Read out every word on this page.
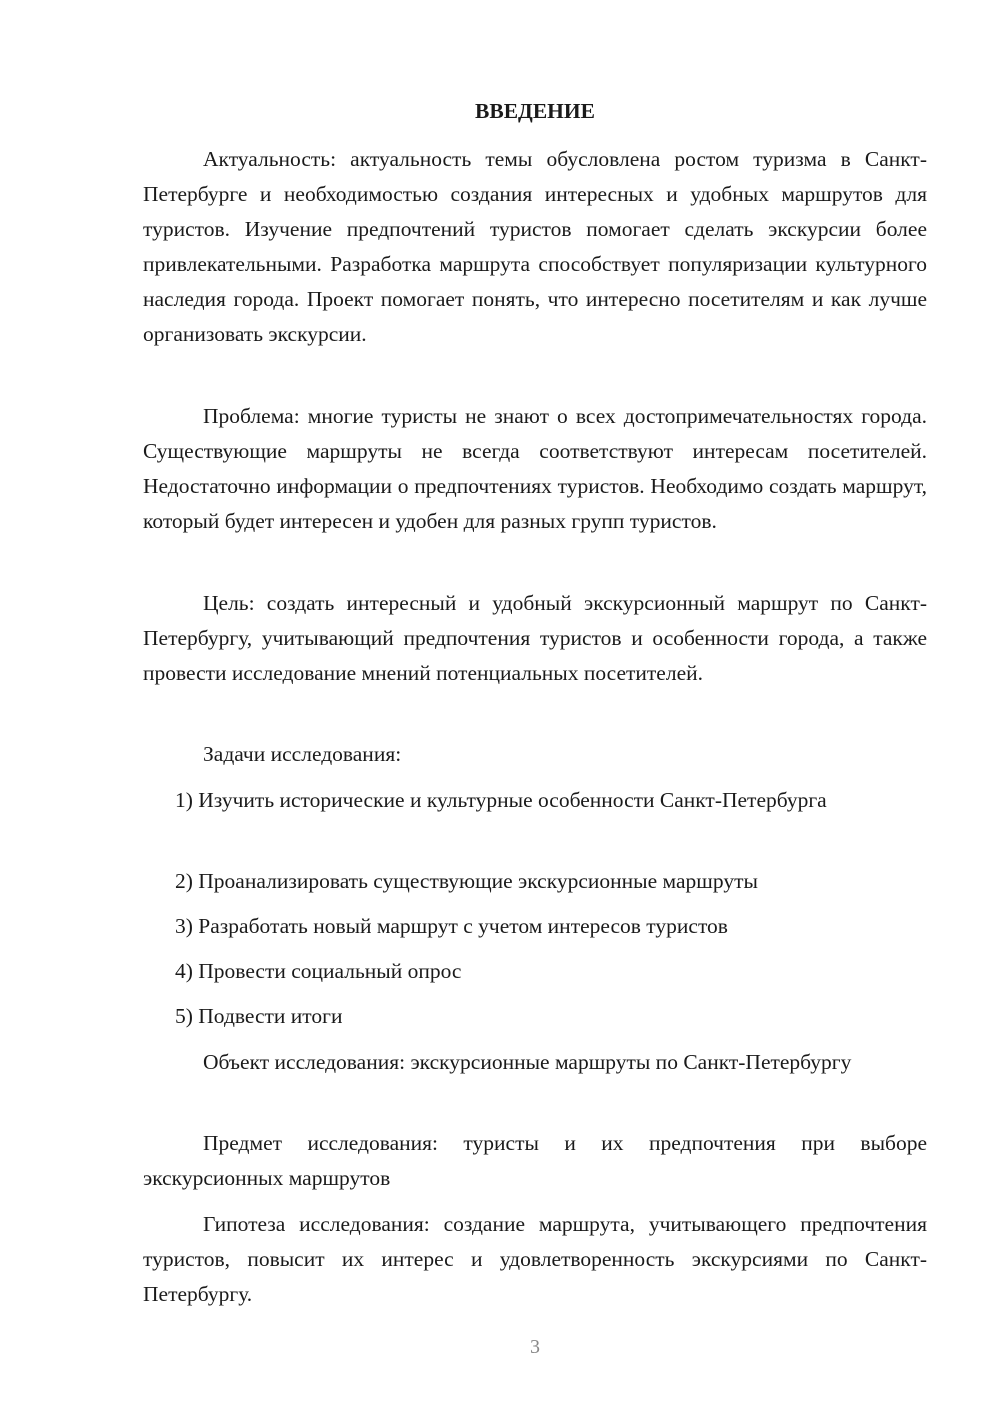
ВВЕДЕНИЕ

Актуальность: актуальность темы обусловлена ростом туризма в Санкт-Петербурге и необходимостью создания интересных и удобных маршрутов для туристов. Изучение предпочтений туристов помогает сделать экскурсии более привлекательными. Разработка маршрута способствует популяризации культурного наследия города. Проект помогает понять, что интересно посетителям и как лучше организовать экскурсии.

Проблема: многие туристы не знают о всех достопримечательностях города. Существующие маршруты не всегда соответствуют интересам посетителей. Недостаточно информации о предпочтениях туристов. Необходимо создать маршрут, который будет интересен и удобен для разных групп туристов.

Цель: создать интересный и удобный экскурсионный маршрут по Санкт-Петербургу, учитывающий предпочтения туристов и особенности города, а также провести исследование мнений потенциальных посетителей.

Задачи исследования:

1) Изучить исторические и культурные особенности Санкт-Петербурга

2) Проанализировать существующие экскурсионные маршруты

3) Разработать новый маршрут с учетом интересов туристов

4) Провести социальный опрос

5) Подвести итоги

Объект исследования: экскурсионные маршруты по Санкт-Петербургу

Предмет исследования: туристы и их предпочтения при выборе экскурсионных маршрутов

Гипотеза исследования: создание маршрута, учитывающего предпочтения туристов, повысит их интерес и удовлетворенность экскурсиями по Санкт-Петербургу.

3
